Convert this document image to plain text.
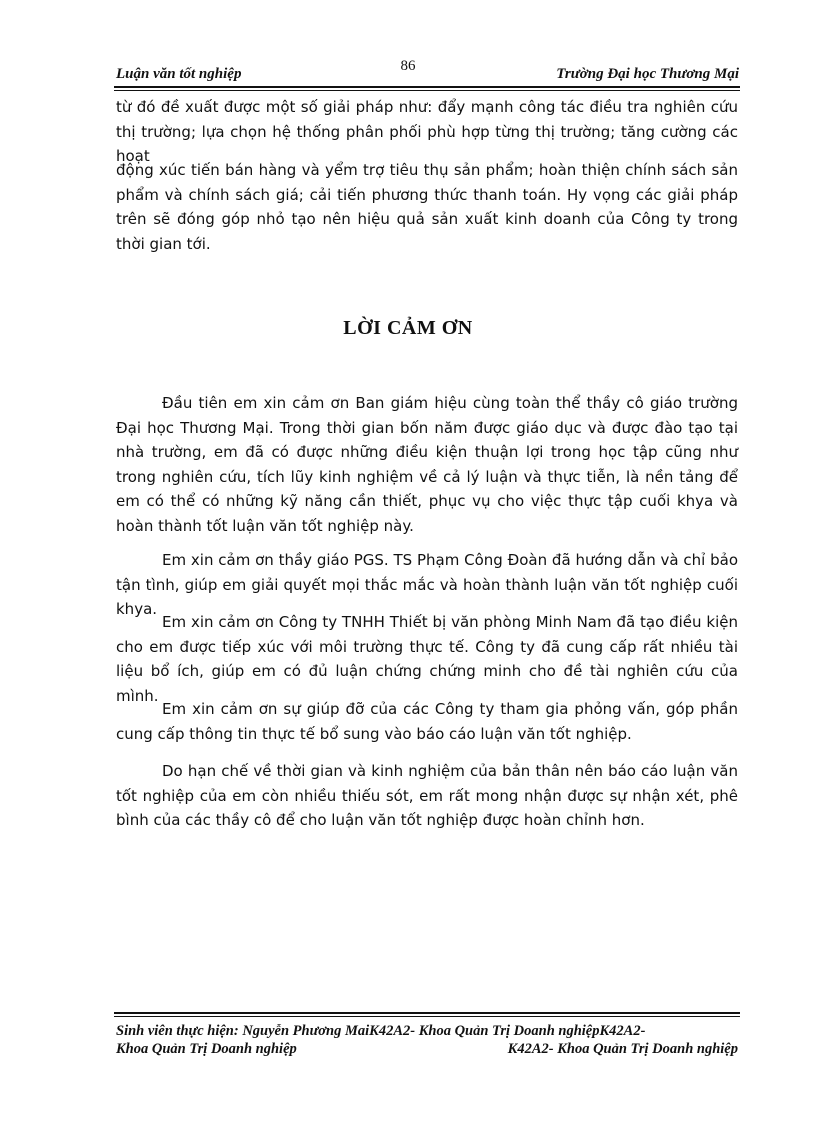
Luận văn tốt nghiệp	86	Trường Đại học Thương Mại

từ đó đề xuất được một số giải pháp như: đẩy mạnh công tác điều tra nghiên cứu thị trường; lựa chọn hệ thống phân phối phù hợp từng thị trường; tăng cường các hoạt

động xúc tiến bán hàng và yểm trợ tiêu thụ sản phẩm; hoàn thiện chính sách sản phẩm và chính sách giá; cải tiến phương thức thanh toán. Hy vọng các giải pháp trên sẽ đóng góp nhỏ tạo nên hiệu quả sản xuất kinh doanh của Công ty trong thời gian tới.

LỜI CẢM ƠN

Đầu tiên em xin cảm ơn Ban giám hiệu cùng toàn thể thầy cô giáo trường Đại học Thương Mại. Trong thời gian bốn năm được giáo dục và được đào tạo tại nhà trường, em đã có được những điều kiện thuận lợi trong học tập cũng như trong nghiên cứu, tích lũy kinh nghiệm về cả lý luận và thực tiễn, là nền tảng để em có thể có những kỹ năng cần thiết, phục vụ cho việc thực tập cuối khya và hoàn thành tốt luận văn tốt nghiệp này.

Em xin cảm ơn thầy giáo PGS. TS Phạm Công Đoàn đã hướng dẫn và chỉ bảo tận tình, giúp em giải quyết mọi thắc mắc và hoàn thành luận văn tốt nghiệp cuối khya.

Em xin cảm ơn Công ty TNHH Thiết bị văn phòng Minh Nam đã tạo điều kiện cho em được tiếp xúc với môi trường thực tế. Công ty đã cung cấp rất nhiều tài liệu bổ ích, giúp em có đủ luận chứng chứng minh cho đề tài nghiên cứu của mình.

Em xin cảm ơn sự giúp đỡ của các Công ty tham gia phỏng vấn, góp phần cung cấp thông tin thực tế bổ sung vào báo cáo luận văn tốt nghiệp.

Do hạn chế về thời gian và kinh nghiệm của bản thân nên báo cáo luận văn tốt nghiệp của em còn nhiều thiếu sót, em rất mong nhận được sự nhận xét, phê bình của các thầy cô để cho luận văn tốt nghiệp được hoàn chỉnh hơn.

Sinh viên thực hiện: Nguyễn Phương MaiK42A2- Khoa Quản Trị Doanh nghiệpK42A2-
Khoa Quản Trị Doanh nghiệp	K42A2- Khoa Quản Trị Doanh nghiệp
